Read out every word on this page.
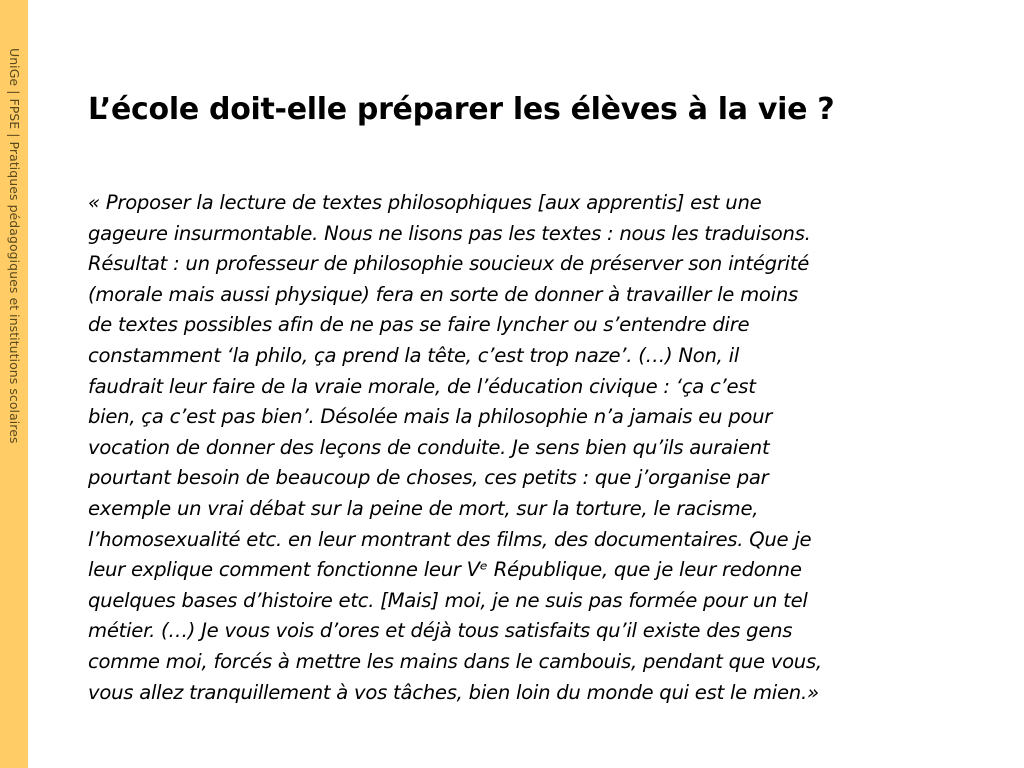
UniGe | FPSE | Pratiques pédagogiques et institutions scolaires L’école doit-elle préparer les élèves à la vie ?
« Proposer la lecture de textes philosophiques [aux apprentis] est une
gageure insurmontable. Nous ne lisons pas les textes : nous les traduisons.
Résultat : un professeur de philosophie soucieux de préserver son intégrité
(morale mais aussi physique) fera en sorte de donner à travailler le moins
de textes possibles afin de ne pas se faire lyncher ou s’entendre dire
constamment ‘la philo, ça prend la tête, c’est trop naze’. (…) Non, il
faudrait leur faire de la vraie morale, de l’éducation civique : ‘ça c’est
bien, ça c’est pas bien’. Désolée mais la philosophie n’a jamais eu pour
vocation de donner des leçons de conduite. Je sens bien qu’ils auraient
pourtant besoin de beaucoup de choses, ces petits : que j’organise par
exemple un vrai débat sur la peine de mort, sur la torture, le racisme,
l’homosexualité etc. en leur montrant des films, des documentaires. Que je
leur explique comment fonctionne leur Vᵉ République, que je leur redonne
quelques bases d’histoire etc. [Mais] moi, je ne suis pas formée pour un tel
métier. (…) Je vous vois d’ores et déjà tous satisfaits qu’il existe des gens
comme moi, forcés à mettre les mains dans le cambouis, pendant que vous,
vous allez tranquillement à vos tâches, bien loin du monde qui est le mien.»
